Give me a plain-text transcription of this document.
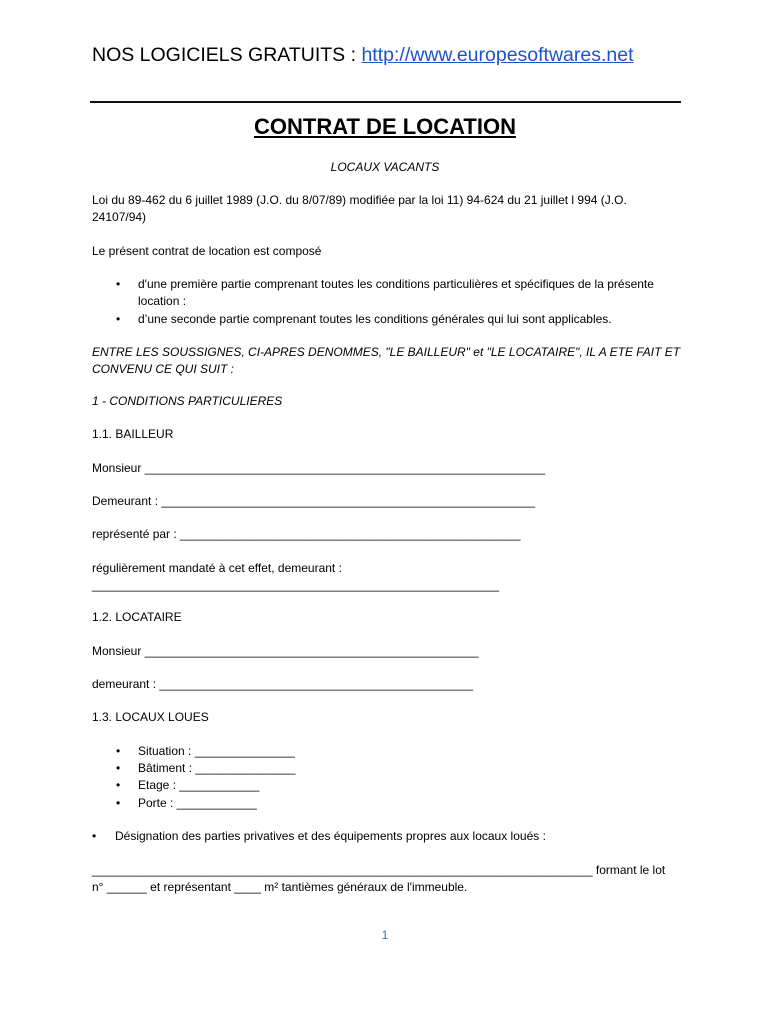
NOS LOGICIELS GRATUITS : http://www.europesoftwares.net
CONTRAT DE LOCATION
LOCAUX VACANTS
Loi du 89-462 du 6 juillet 1989 (J.O. du 8/07/89) modifiée par la loi 11) 94-624 du 21 juillet l 994 (J.O. 24107/94)
Le présent contrat de location est composé
• d'une première partie comprenant toutes les conditions particulières et spécifiques de la présente location :
• d’une seconde partie comprenant toutes les conditions générales qui lui sont applicables.
ENTRE LES SOUSSIGNES, CI-APRES DENOMMES, "LE BAILLEUR" et "LE LOCATAIRE", IL A ETE FAIT ET CONVENU CE QUI SUIT :
1 - CONDITIONS PARTICULIERES
1.1. BAILLEUR
Monsieur ____________________________________________________________
Demeurant : ________________________________________________________
représenté par : ___________________________________________________
régulièrement mandaté à cet effet, demeurant :
_____________________________________________________________
1.2. LOCATAIRE
Monsieur __________________________________________________
demeurant : _______________________________________________
1.3. LOCAUX LOUES
• Situation : _______________
• Bâtiment : _______________
• Etage : ____________
• Porte : ____________
• Désignation des parties privatives et des équipements propres aux locaux loués :
___________________________________________________________________________ formant le lot
n° ______ et représentant ____ m² tantièmes généraux de l'immeuble.
1
